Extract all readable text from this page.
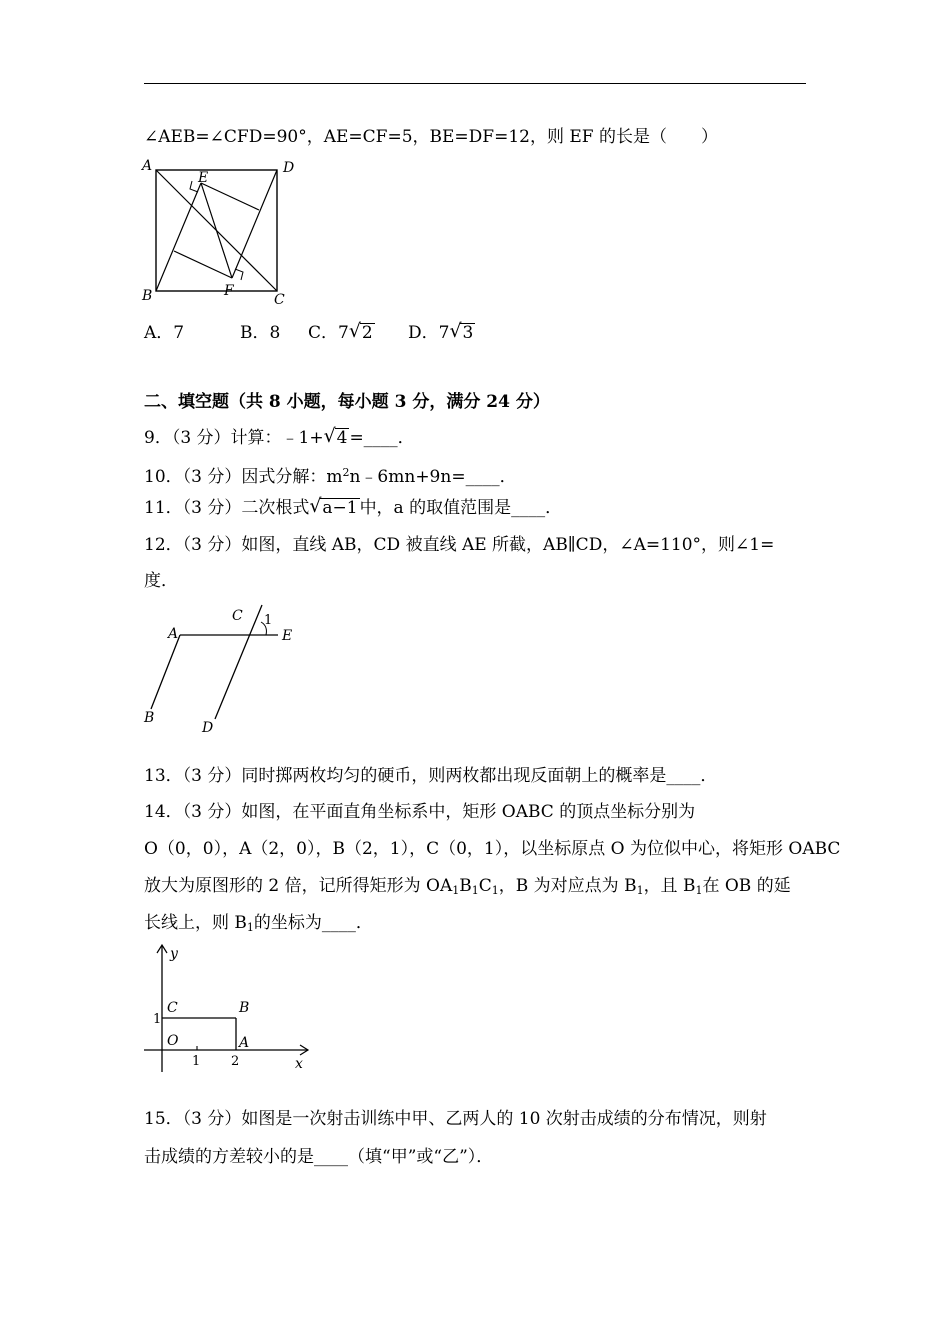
∠AEB=∠CFD=90°，AE=CF=5，BE=DF=12，则 EF 的长是（　　）
A	D
B	C
E
F
A．7	B．8 C．7 √ 2 D．7 √ 3
二、填空题（共 8 小题，每小题 3 分，满分 24 分）
9．（3 分）计算：﹣1+ √ 4 =____．
10．（3 分）因式分解：$m^2n﹣6mn+9n=\_\_\_\_$．
11．（3 分）二次根式 √ a−1 中，a 的取值范围是____．
12．（3 分）如图，直线 AB，CD 被直线 AE 所截，AB∥CD，∠A=110°，则∠1=
度．
A
C 1
E
B
D
13．（3 分）同时掷两枚均匀的硬币，则两枚都出现反面朝上的概率是____．
14．（3 分）如图，在平面直角坐标系中，矩形 OABC 的顶点坐标分别为
O（0，0），A（2，0），B（2，1），C（0，1），以坐标原点 O 为位似中心，将矩形 OABC
放大为原图形的 2 倍，记所得矩形为 $OA_1B_1C_1$，B 为对应点为 $B_1$，且 $B_1$在 OB 的延
长线上，则 $B_1$的坐标为____．
y
x
C	B
O	A
1
1 2
15．（3 分）如图是一次射击训练中甲、乙两人的 10 次射击成绩的分布情况，则射
击成绩的方差较小的是____（填“甲”或“乙”）．
